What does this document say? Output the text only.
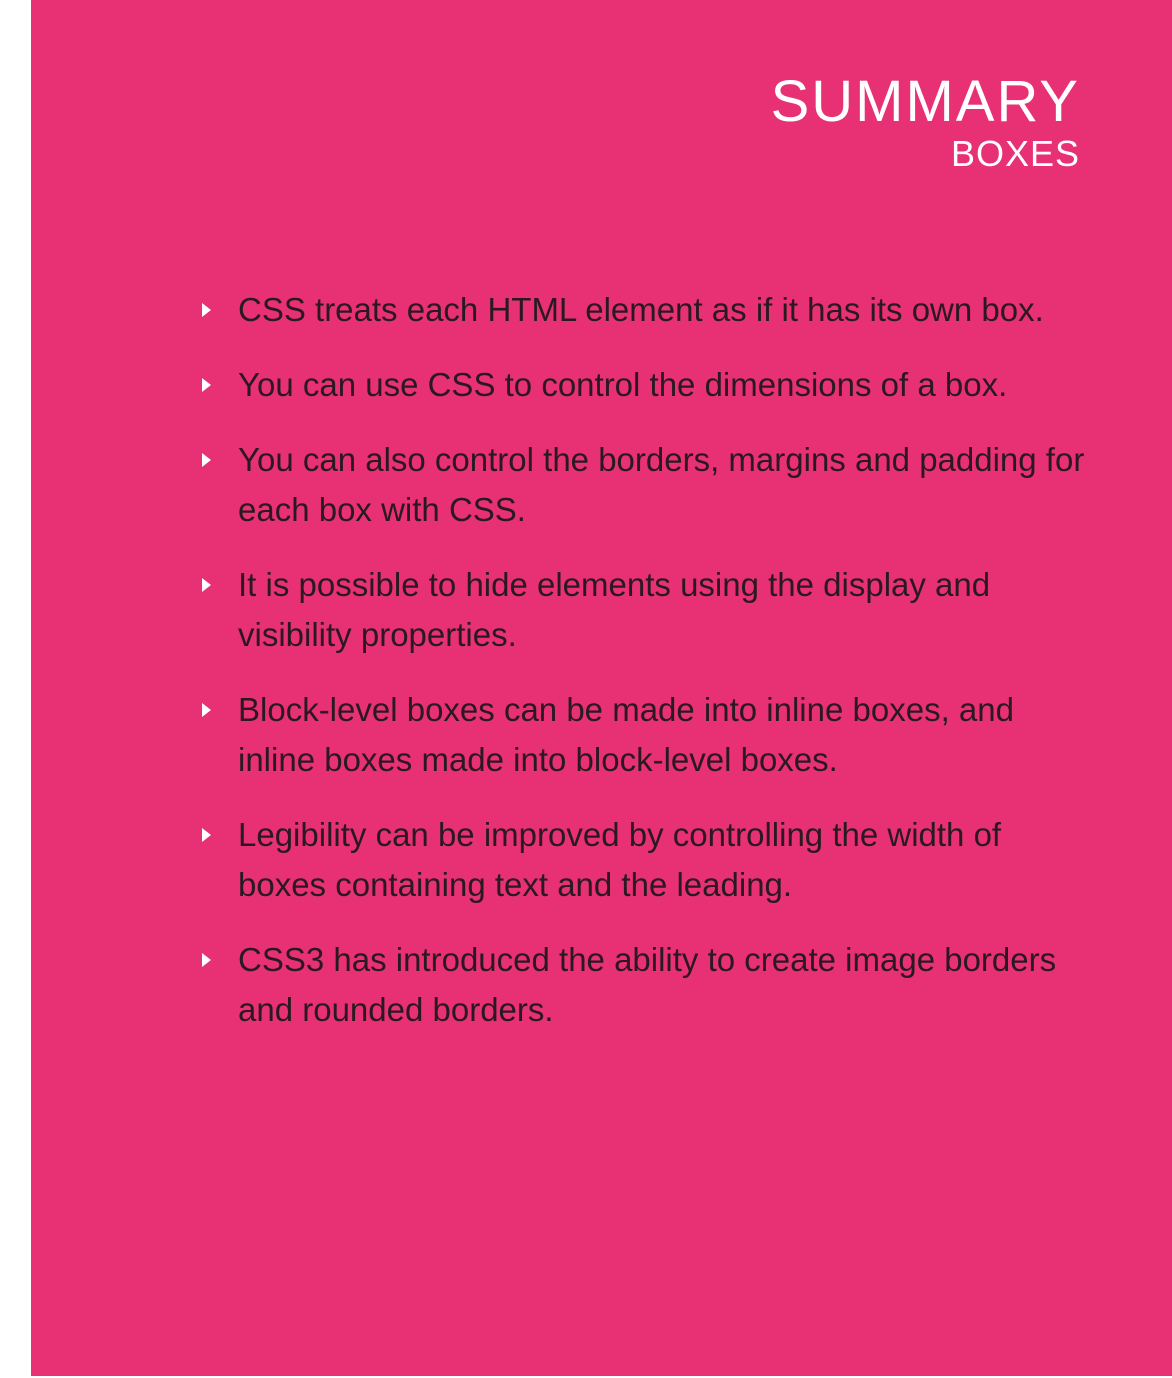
SUMMARY
BOXES
CSS treats each HTML element as if it has its own box.
You can use CSS to control the dimensions of a box.
You can also control the borders, margins and padding for each box with CSS.
It is possible to hide elements using the display and visibility properties.
Block-level boxes can be made into inline boxes, and inline boxes made into block-level boxes.
Legibility can be improved by controlling the width of boxes containing text and the leading.
CSS3 has introduced the ability to create image borders and rounded borders.
